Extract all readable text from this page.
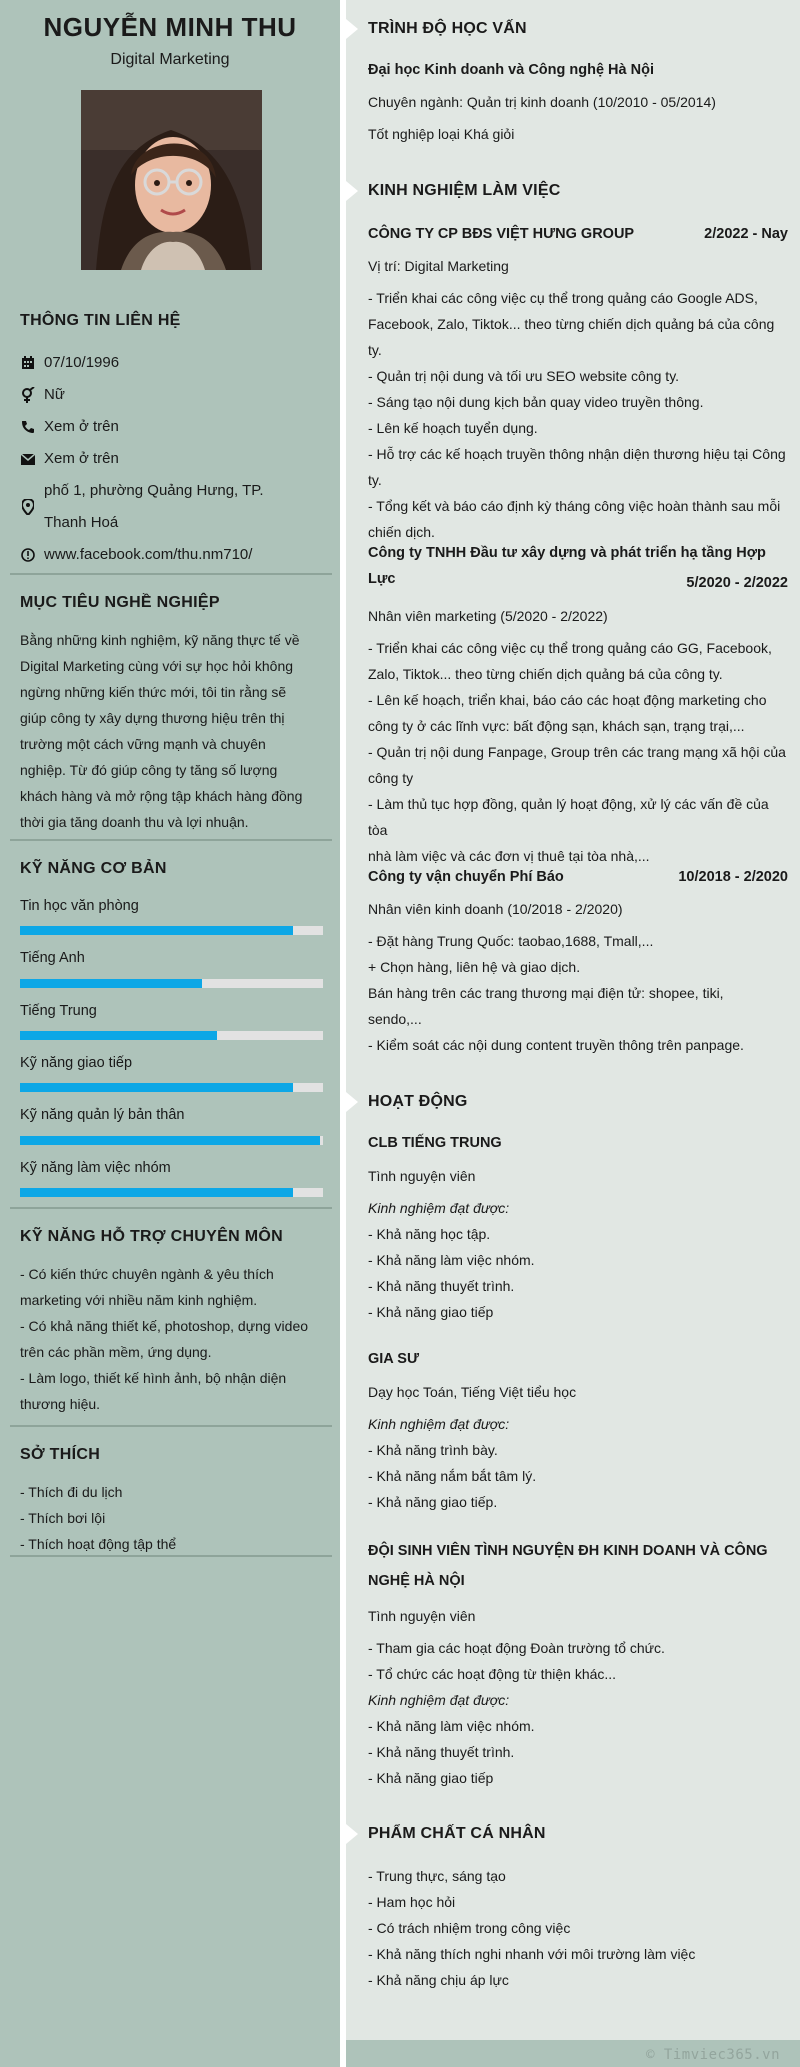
© Timviec365.vn
NGUYỄN MINH THU
Digital Marketing
THÔNG TIN LIÊN HỆ
07/10/1996
Nữ
Xem ở trên
Xem ở trên
phố 1, phường Quảng Hưng, TP.
Thanh Hoá
www.facebook.com/thu.nm710/
MỤC TIÊU NGHỀ NGHIỆP
Bằng những kinh nghiệm, kỹ năng thực tế về
Digital Marketing cùng với sự học hỏi không
ngừng những kiến thức mới, tôi tin rằng sẽ
giúp công ty xây dựng thương hiệu trên thị
trường một cách vững mạnh và chuyên
nghiệp. Từ đó giúp công ty tăng số lượng
khách hàng và mở rộng tập khách hàng đồng
thời gia tăng doanh thu và lợi nhuận.
KỸ NĂNG CƠ BẢN
Tin học văn phòng
Tiếng Anh
Tiếng Trung
Kỹ năng giao tiếp
Kỹ năng quản lý bản thân
Kỹ năng làm việc nhóm
KỸ NĂNG HỖ TRỢ CHUYÊN MÔN
- Có kiến thức chuyên ngành & yêu thích
marketing với nhiều năm kinh nghiệm.
- Có khả năng thiết kế, photoshop, dựng video
trên các phần mềm, ứng dụng.
- Làm logo, thiết kế hình ảnh, bộ nhận diện
thương hiệu.
SỞ THÍCH
- Thích đi du lịch
- Thích bơi lội
- Thích hoạt động tập thể
TRÌNH ĐỘ HỌC VẤN
Đại học Kinh doanh và Công nghệ Hà Nội
Chuyên ngành: Quản trị kinh doanh (10/2010 - 05/2014)
Tốt nghiệp loại Khá giỏi
KINH NGHIỆM LÀM VIỆC
CÔNG TY CP BĐS VIỆT HƯNG GROUP	2/2022 - Nay
Vị trí: Digital Marketing
- Triển khai các công việc cụ thể trong quảng cáo Google ADS,
Facebook, Zalo, Tiktok... theo từng chiến dịch quảng bá của công ty.
- Quản trị nội dung và tối ưu SEO website công ty.
- Sáng tạo nội dung kịch bản quay video truyền thông.
- Lên kế hoạch tuyển dụng.
- Hỗ trợ các kế hoạch truyền thông nhận diện thương hiệu tại Công
ty.
- Tổng kết và báo cáo định kỳ tháng công việc hoàn thành sau mỗi
chiến dịch.
Công ty TNHH Đầu tư xây dựng và phát triển hạ tầng Hợp Lực	5/2020 - 2/2022
Nhân viên marketing (5/2020 - 2/2022)
- Triển khai các công việc cụ thể trong quảng cáo GG, Facebook,
Zalo, Tiktok... theo từng chiến dịch quảng bá của công ty.
- Lên kế hoạch, triển khai, báo cáo các hoạt động marketing cho
công ty ở các lĩnh vực: bất động sạn, khách sạn, trạng trại,...
- Quản trị nội dung Fanpage, Group trên các trang mạng xã hội của
công ty
- Làm thủ tục hợp đồng, quản lý hoạt động, xử lý các vấn đề của tòa
nhà làm việc và các đơn vị thuê tại tòa nhà,...
Công ty vận chuyển Phí Báo	10/2018 - 2/2020
Nhân viên kinh doanh (10/2018 - 2/2020)
- Đặt hàng Trung Quốc: taobao,1688, Tmall,...
+ Chọn hàng, liên hệ và giao dịch.
Bán hàng trên các trang thương mại điện tử: shopee, tiki,
sendo,...
- Kiểm soát các nội dung content truyền thông trên panpage.
HOẠT ĐỘNG
CLB TIẾNG TRUNG
Tình nguyện viên
Kinh nghiệm đạt được:
- Khả năng học tập.
- Khả năng làm việc nhóm.
- Khả năng thuyết trình.
- Khả năng giao tiếp
GIA SƯ
Dạy học Toán, Tiếng Việt tiểu học
Kinh nghiệm đạt được:
- Khả năng trình bày.
- Khả năng nắm bắt tâm lý.
- Khả năng giao tiếp.
ĐỘI SINH VIÊN TÌNH NGUYỆN ĐH KINH DOANH VÀ CÔNG
NGHỆ HÀ NỘI
Tình nguyện viên
- Tham gia các hoạt động Đoàn trường tổ chức.
- Tổ chức các hoạt động từ thiện khác...
Kinh nghiệm đạt được:
- Khả năng làm việc nhóm.
- Khả năng thuyết trình.
- Khả năng giao tiếp
PHẨM CHẤT CÁ NHÂN
- Trung thực, sáng tạo
- Ham học hỏi
- Có trách nhiệm trong công việc
- Khả năng thích nghi nhanh với môi trường làm việc
- Khả năng chịu áp lực
